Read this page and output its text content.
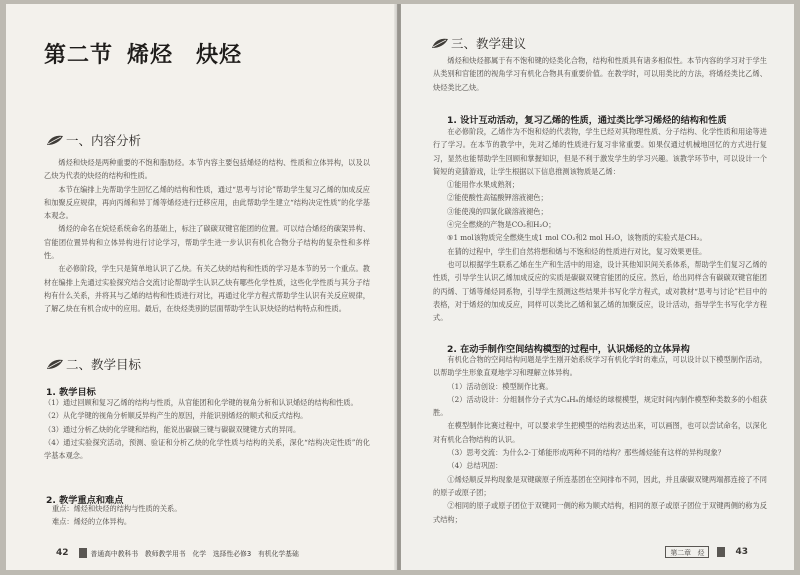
第二节 烯烃　炔烃
一、内容分析

烯烃和炔烃是两种重要的不饱和脂肪烃。本节内容主要包括烯烃的结构、性质和立体异构，以及以乙炔为代表的炔烃的结构和性质。

本节在编排上先帮助学生回忆乙烯的结构和性质，通过“思考与讨论”帮助学生复习乙烯的加成反应和加聚反应规律，再向丙烯和异丁烯等烯烃进行迁移应用，由此帮助学生建立“结构决定性质”的化学基本观念。

烯烃的命名在烷烃系统命名的基础上，标注了碳碳双键官能团的位置。可以结合烯烃的碳架异构、官能团位置异构和立体异构进行讨论学习，帮助学生进一步认识有机化合物分子结构的复杂性和多样性。

在必修阶段，学生只是简单地认识了乙炔。有关乙炔的结构和性质的学习是本节的另一个重点。教材在编排上先通过实验探究结合交流讨论帮助学生认识乙炔有哪些化学性质，这些化学性质与其分子结构有什么关系，并将其与乙烯的结构和性质进行对比，再通过化学方程式帮助学生认识有关反应规律，了解乙炔在有机合成中的应用。最后，在炔烃类别的层面帮助学生认识炔烃的结构特点和性质。

二、教学目标
1. 教学目标

（1）通过回顾和复习乙烯的结构与性质，从官能团和化学键的视角分析和认识烯烃的结构和性质。

（2）从化学键的视角分析顺反异构产生的原因，并能识别烯烃的顺式和反式结构。

（3）通过分析乙炔的化学键和结构，能说出碳碳三键与碳碳双键键方式的异同。

（4）通过实验探究活动，预测、验证和分析乙炔的化学性质与结构的关系，深化“结构决定性质”的化学基本观念。

2. 教学重点和难点

重点：烯烃和炔烃的结构与性质的关系。

难点：烯烃的立体异构。

42	普通高中教科书　教师教学用书　化学　选择性必修3　有机化学基础
三、教学建议

烯烃和炔烃都属于有不饱和键的烃类化合物，结构和性质具有诸多相似性。本节内容的学习对于学生从类别和官能团的视角学习有机化合物具有重要价值。在教学时，可以用类比的方法，将烯烃类比乙烯、炔烃类比乙炔。

1. 设计互动活动，复习乙烯的性质，通过类比学习烯烃的结构和性质

在必修阶段，乙烯作为不饱和烃的代表物，学生已经对其物理性质、分子结构、化学性质和用途等进行了学习。在本节的教学中，先对乙烯的性质进行复习非常重要。如果仅通过机械地回忆的方式进行复习，显然也能帮助学生回顾和掌握知识，但是不利于激发学生的学习兴趣。该教学环节中，可以设计一个简短的竞猜游戏，让学生根据以下信息推测该物质是乙烯：

①能用作水果成熟剂；

②能使酸性高锰酸钾溶液褪色；

③能使溴的四氯化碳溶液褪色；

④完全燃烧的产物是CO₂和H₂O；

⑤1 mol该物质完全燃烧生成1 mol CO₂和2 mol H₂O，该物质的实验式是CH₂。

在猜的过程中，学生们自然将想和烯与不饱和烃的性质进行对比，复习效果更佳。

也可以根据学生联系乙烯在生产和生活中的用途，设计其他知识间关系体系，帮助学生们复习乙烯的性质，引导学生认识乙烯加成反应的实质是碳碳双键官能团的反应。然后，给出同样含有碳碳双键官能团的丙烯、丁烯等烯烃同系物，引导学生预测这些结果并书写化学方程式，或对教材“思考与讨论”栏目中的表格，对于烯烃的加成反应，同样可以类比乙烯和氯乙烯的加聚反应，设计活动，指导学生书写化学方程式。

2. 在动手制作空间结构模型的过程中，认识烯烃的立体异构

有机化合物的空间结构问题是学生刚开始系统学习有机化学时的难点，可以设计以下模型制作活动，以帮助学生形象直观地学习和理解立体异构。

（1）活动创设：模型制作比赛。

（2）活动设计：分组制作分子式为C₄H₈的烯烃的球棍模型，规定时间内制作模型种类数多的小组获胜。

在模型制作比赛过程中，可以要求学生把模型的结构表达出来，可以画图，也可以尝试命名，以深化对有机化合物结构的认识。

（3）思考交流：为什么2-丁烯能形成两种不同的结构？那些烯烃能有这样的异构现象？

（4）总结巩固：

①烯烃顺反异构现象是双键碳原子所连基团在空间排布不同，因此，并且碳碳双键两端都连接了不同的原子或原子团；

②相同的原子或原子团位于双键同一侧的称为顺式结构，相同的原子或原子团位于双键两侧的称为反式结构；

第二章　烃	43
